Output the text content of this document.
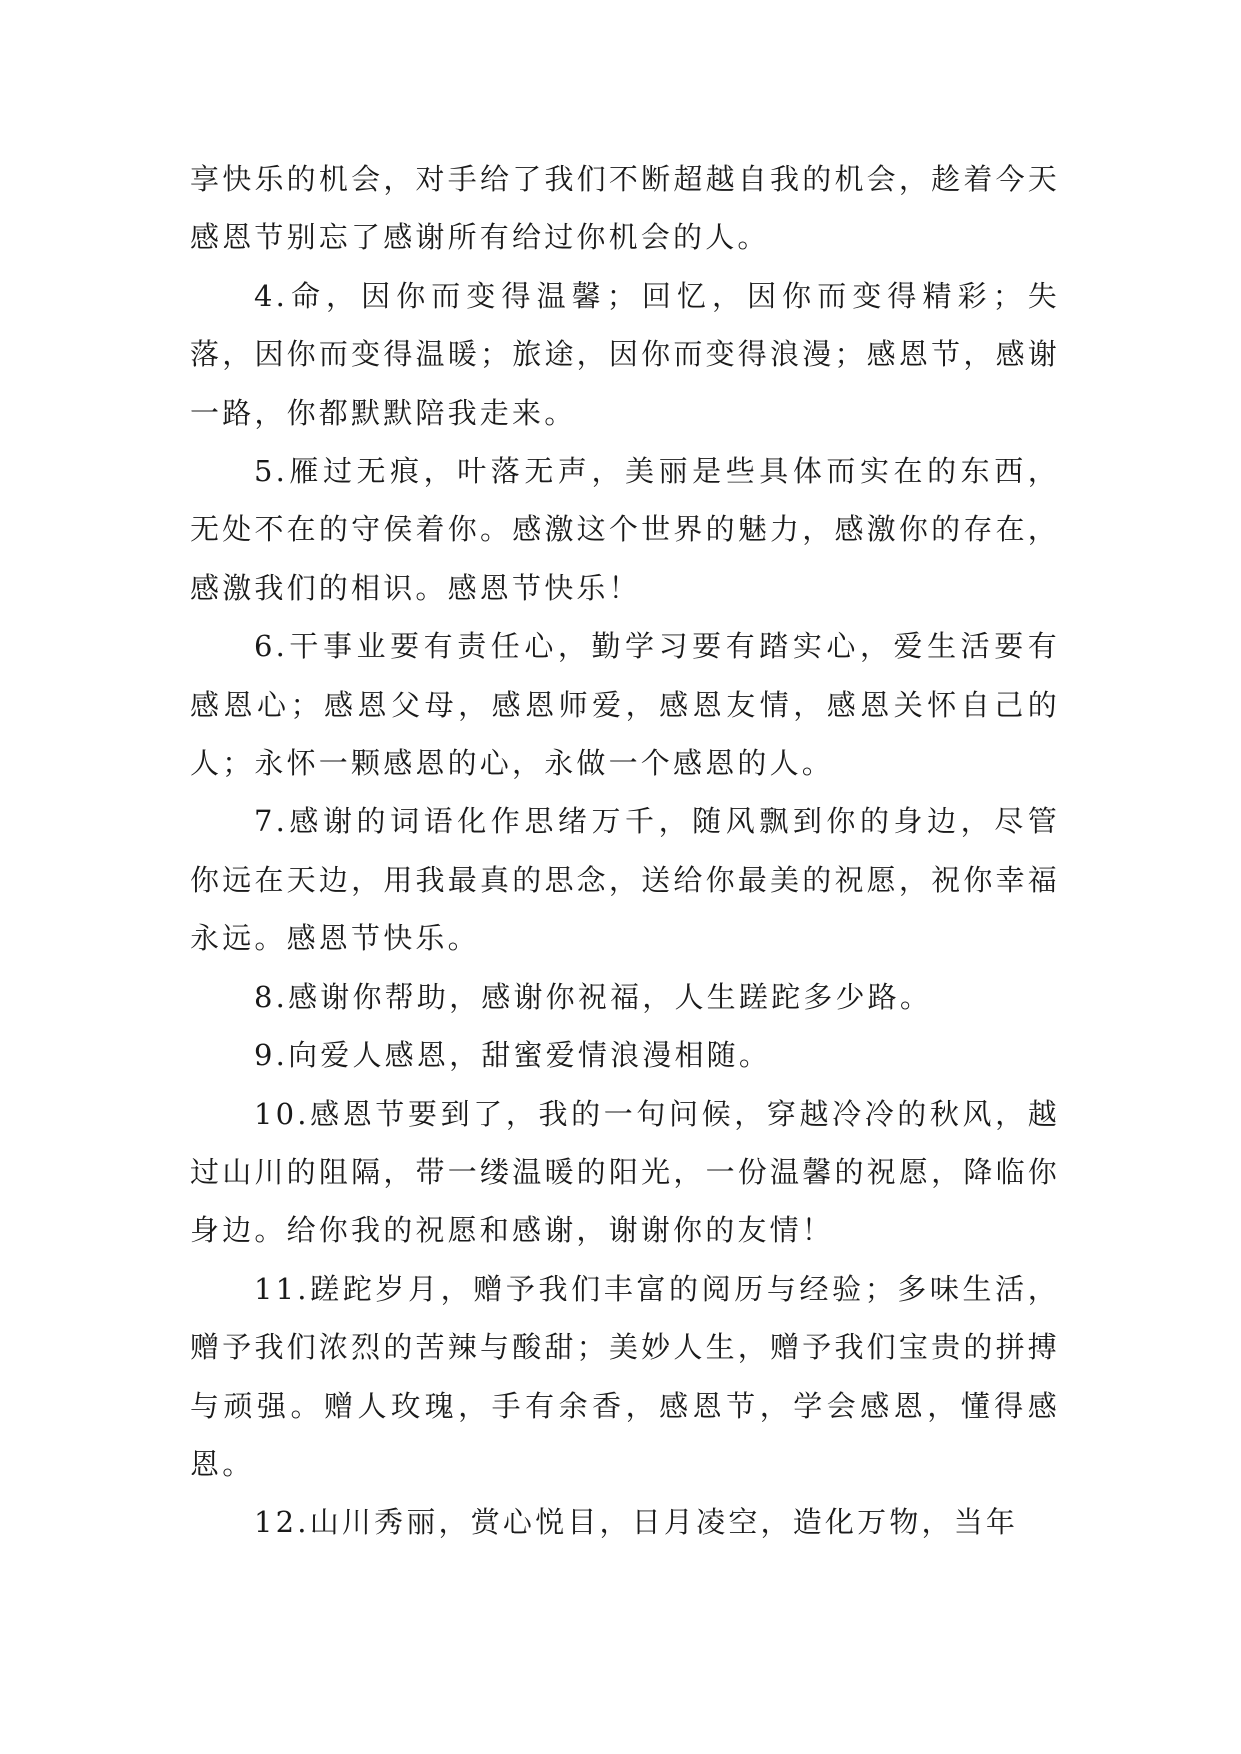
享快乐的机会，对手给了我们不断超越自我的机会，趁着今天感恩节别忘了感谢所有给过你机会的人。

4.命，因你而变得温馨；回忆，因你而变得精彩；失落，因你而变得温暖；旅途，因你而变得浪漫；感恩节，感谢一路，你都默默陪我走来。

5.雁过无痕，叶落无声，美丽是些具体而实在的东西，无处不在的守侯着你。感激这个世界的魅力，感激你的存在，感激我们的相识。感恩节快乐！

6.干事业要有责任心，勤学习要有踏实心，爱生活要有感恩心；感恩父母，感恩师爱，感恩友情，感恩关怀自己的人；永怀一颗感恩的心，永做一个感恩的人。

7.感谢的词语化作思绪万千，随风飘到你的身边，尽管你远在天边，用我最真的思念，送给你最美的祝愿，祝你幸福永远。感恩节快乐。

8.感谢你帮助，感谢你祝福，人生蹉跎多少路。

9.向爱人感恩，甜蜜爱情浪漫相随。

10.感恩节要到了，我的一句问候，穿越冷冷的秋风，越过山川的阻隔，带一缕温暖的阳光，一份温馨的祝愿，降临你身边。给你我的祝愿和感谢，谢谢你的友情！

11.蹉跎岁月，赠予我们丰富的阅历与经验；多味生活，赠予我们浓烈的苦辣与酸甜；美妙人生，赠予我们宝贵的拼搏与顽强。赠人玫瑰，手有余香，感恩节，学会感恩，懂得感恩。

12.山川秀丽，赏心悦目，日月凌空，造化万物，当年
